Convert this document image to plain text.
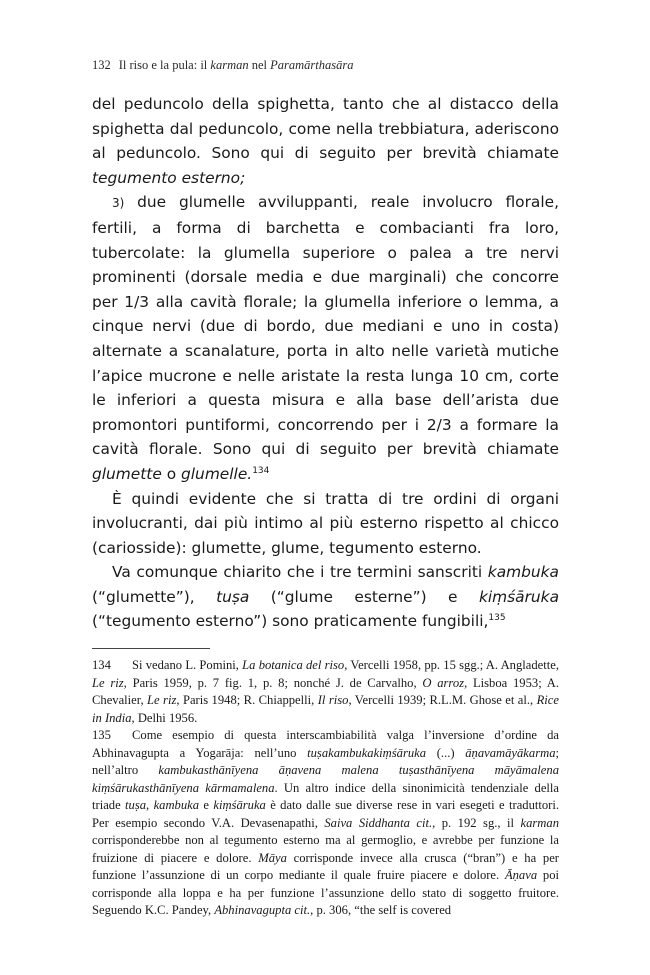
132 Il riso e la pula: il karman nel Paramārthasāra

del peduncolo della spighetta, tanto che al distacco della spighetta dal peduncolo, come nella trebbiatura, aderiscono al peduncolo. Sono qui di seguito per brevità chiamate tegumento esterno;

3) due glumelle avviluppanti, reale involucro florale, fertili, a forma di barchetta e combacianti fra loro, tubercolate: la glumella superiore o palea a tre nervi prominenti (dorsale media e due marginali) che concorre per 1/3 alla cavità florale; la glumella inferiore o lemma, a cinque nervi (due di bordo, due mediani e uno in costa) alternate a scanalature, porta in alto nelle varietà mutiche l’apice mucrone e nelle aristate la resta lunga 10 cm, corte le inferiori a questa misura e alla base dell’arista due promontori puntiformi, concorrendo per i 2/3 a formare la cavità florale. Sono qui di seguito per brevità chiamate glumette o glumelle.$^{134}$

È quindi evidente che si tratta di tre ordini di organi involucranti, dai più intimo al più esterno rispetto al chicco (cariosside): glumette, glume, tegumento esterno.

Va comunque chiarito che i tre termini sanscriti kambuka (“glumette”), tuṣa (“glume esterne”) e kiṃśāruka (“tegumento esterno”) sono praticamente fungibili,$^{135}$

134 Si vedano L. Pomini, La botanica del riso, Vercelli 1958, pp. 15 sgg.; A. Angladette, Le riz, Paris 1959, p. 7 fig. 1, p. 8; nonché J. de Carvalho, O arroz, Lisboa 1953; A. Chevalier, Le riz, Paris 1948; R. Chiappelli, Il riso, Vercelli 1939; R.L.M. Ghose et al., Rice in India, Delhi 1956.

135 Come esempio di questa interscambiabilità valga l’inversione d’ordine da Abhinavagupta a Yogarāja: nell’uno tuṣakambukakiṃśāruka (...) āṇavamāyākarma; nell’altro kambukasthānīyena āṇavena malena tuṣasthānīyena māyāmalena kiṃśārukasthānīyena kārmamalena. Un altro indice della sinonimicità tendenziale della triade tuṣa, kambuka e kiṃśāruka è dato dalle sue diverse rese in vari esegeti e traduttori. Per esempio secondo V.A. Devasenapathi, Saiva Siddhanta cit., p. 192 sg., il karman corrisponderebbe non al tegumento esterno ma al germoglio, e avrebbe per funzione la fruizione di piacere e dolore. Māya corrisponde invece alla crusca (“bran”) e ha per funzione l’assunzione di un corpo mediante il quale fruire piacere e dolore. Āṇava poi corrisponde alla loppa e ha per funzione l’assunzione dello stato di soggetto fruitore. Seguendo K.C. Pandey, Abhinavagupta cit., p. 306, “the self is covered
